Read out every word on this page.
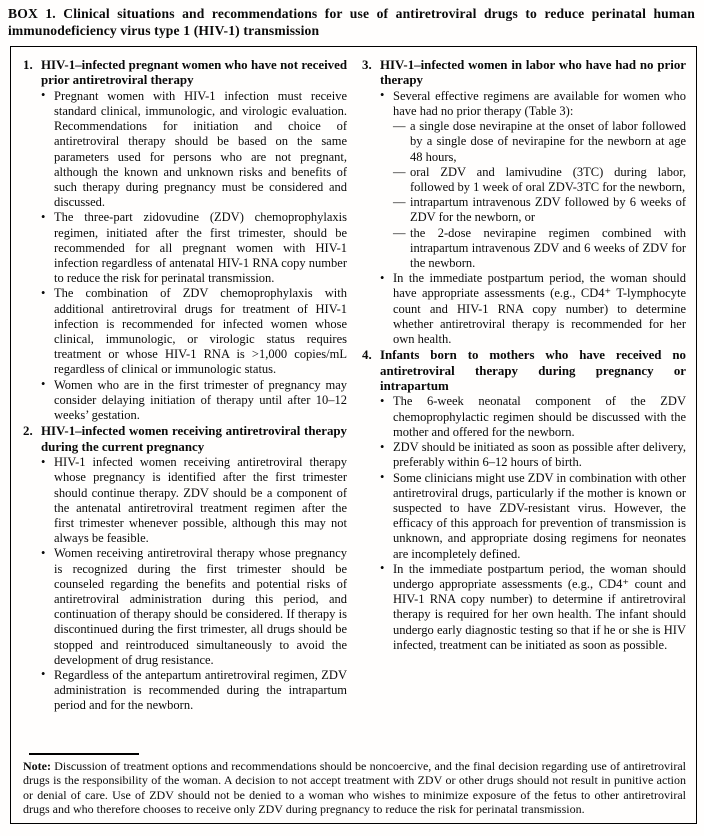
BOX 1. Clinical situations and recommendations for use of antiretroviral drugs to reduce perinatal human immunodeficiency virus type 1 (HIV-1) transmission
1. HIV-1–infected pregnant women who have not received prior antiretroviral therapy
• Pregnant women with HIV-1 infection must receive standard clinical, immunologic, and virologic evaluation. Recommendations for initiation and choice of antiretroviral therapy should be based on the same parameters used for persons who are not pregnant, although the known and unknown risks and benefits of such therapy during pregnancy must be considered and discussed.
• The three-part zidovudine (ZDV) chemoprophylaxis regimen, initiated after the first trimester, should be recommended for all pregnant women with HIV-1 infection regardless of antenatal HIV-1 RNA copy number to reduce the risk for perinatal transmission.
• The combination of ZDV chemoprophylaxis with additional antiretroviral drugs for treatment of HIV-1 infection is recommended for infected women whose clinical, immunologic, or virologic status requires treatment or whose HIV-1 RNA is >1,000 copies/mL regardless of clinical or immunologic status.
• Women who are in the first trimester of pregnancy may consider delaying initiation of therapy until after 10–12 weeks’ gestation.
2. HIV-1–infected women receiving antiretroviral therapy during the current pregnancy
• HIV-1 infected women receiving antiretroviral therapy whose pregnancy is identified after the first trimester should continue therapy. ZDV should be a component of the antenatal antiretroviral treatment regimen after the first trimester whenever possible, although this may not always be feasible.
• Women receiving antiretroviral therapy whose pregnancy is recognized during the first trimester should be counseled regarding the benefits and potential risks of antiretroviral administration during this period, and continuation of therapy should be considered. If therapy is discontinued during the first trimester, all drugs should be stopped and reintroduced simultaneously to avoid the development of drug resistance.
• Regardless of the antepartum antiretroviral regimen, ZDV administration is recommended during the intrapartum period and for the newborn.
3. HIV-1–infected women in labor who have had no prior therapy
• Several effective regimens are available for women who have had no prior therapy (Table 3):
— a single dose nevirapine at the onset of labor followed by a single dose of nevirapine for the newborn at age 48 hours,
— oral ZDV and lamivudine (3TC) during labor, followed by 1 week of oral ZDV-3TC for the newborn,
— intrapartum intravenous ZDV followed by 6 weeks of ZDV for the newborn, or
— the 2-dose nevirapine regimen combined with intrapartum intravenous ZDV and 6 weeks of ZDV for the newborn.
• In the immediate postpartum period, the woman should have appropriate assessments (e.g., CD4⁺ T-lymphocyte count and HIV-1 RNA copy number) to determine whether antiretroviral therapy is recommended for her own health.
4. Infants born to mothers who have received no antiretroviral therapy during pregnancy or intrapartum
• The 6-week neonatal component of the ZDV chemoprophylactic regimen should be discussed with the mother and offered for the newborn.
• ZDV should be initiated as soon as possible after delivery, preferably within 6–12 hours of birth.
• Some clinicians might use ZDV in combination with other antiretroviral drugs, particularly if the mother is known or suspected to have ZDV-resistant virus. However, the efficacy of this approach for prevention of transmission is unknown, and appropriate dosing regimens for neonates are incompletely defined.
• In the immediate postpartum period, the woman should undergo appropriate assessments (e.g., CD4⁺ count and HIV-1 RNA copy number) to determine if antiretroviral therapy is required for her own health. The infant should undergo early diagnostic testing so that if he or she is HIV infected, treatment can be initiated as soon as possible.

Note: Discussion of treatment options and recommendations should be noncoercive, and the final decision regarding use of antiretroviral drugs is the responsibility of the woman. A decision to not accept treatment with ZDV or other drugs should not result in punitive action or denial of care. Use of ZDV should not be denied to a woman who wishes to minimize exposure of the fetus to other antiretroviral drugs and who therefore chooses to receive only ZDV during pregnancy to reduce the risk for perinatal transmission.
